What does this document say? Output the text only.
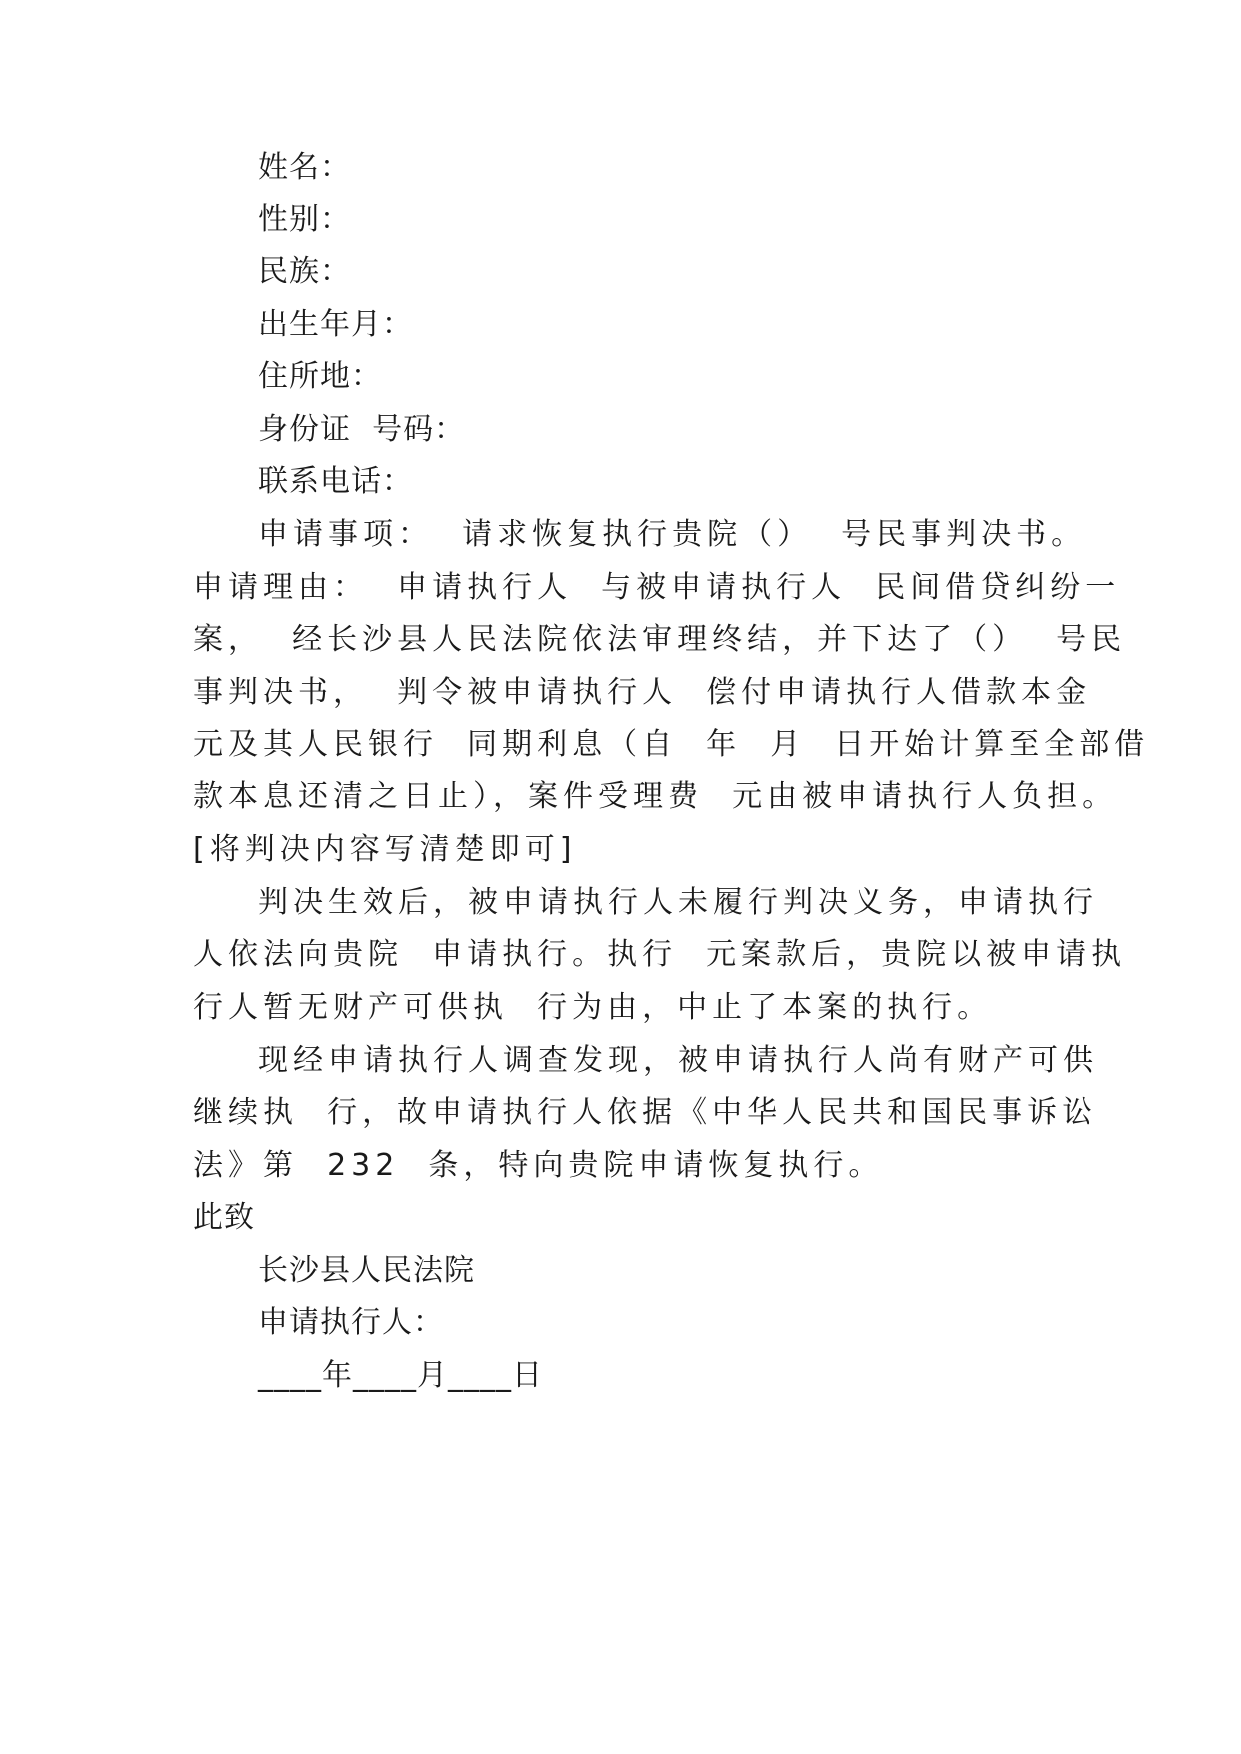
姓名：

性别：

民族：

出生年月：

住所地：

身份证  号码：

联系电话：

申请事项：  请求恢复执行贵院（）  号民事判决书。

申请理由：  申请执行人  与被申请执行人  民间借贷纠纷一

案，  经长沙县人民法院依法审理终结，并下达了（）  号民

事判决书，  判令被申请执行人  偿付申请执行人借款本金

元及其人民银行  同期利息（自  年  月  日开始计算至全部借

款本息还清之日止），案件受理费  元由被申请执行人负担。

[将判决内容写清楚即可]

判决生效后，被申请执行人未履行判决义务，申请执行

人依法向贵院  申请执行。执行  元案款后，贵院以被申请执

行人暂无财产可供执  行为由，中止了本案的执行。

现经申请执行人调查发现，被申请执行人尚有财产可供

继续执  行，故申请执行人依据《中华人民共和国民事诉讼

法》第  232  条，特向贵院申请恢复执行。

此致

长沙县人民法院

申请执行人：

____年____月____日
